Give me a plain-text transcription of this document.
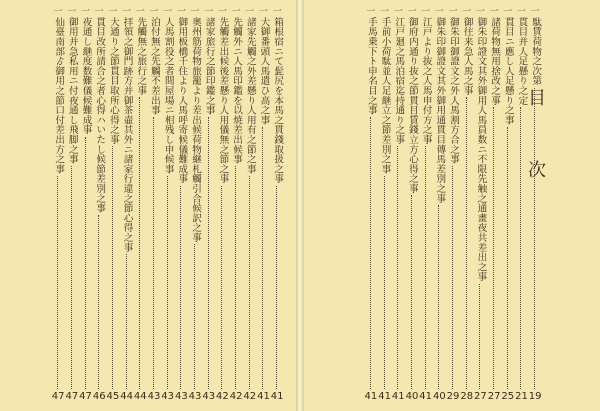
一
箱根宿ニて髭尻を本馬之貫錢取扱之事
41
一
大御番頭人馬遣ひ高之事
41
一
諸家先觸之外差懸り人用有之節之事
42
一
先觸外ニ人馬印鑑を以焼差出候事
42
一
先觸差出候後差懸り人用儀無之節之事
42
一
諸家旅行之節印鑑之事
43
一
奥州筋荷物旅籠より差出候荷物継札觸引合候訳之事
43
一
御用板橋千住より人馬呼寄候儀難成事
43
一
人馬割役之者間屋場ニ相残し申候事
43
一
泊付無之先觸不差出事
43
一
先觸無之旅行之事
44
一
拝領之御門跡方并御茶壷其外ニ諸家行違之節心得之事
44
一
大通り之節貫目取所心得之事
45
一
貫目改所請合之者心得ハいたし候節差別之事
46
一
夜通し継度数難儀候難成事
47
一
御用并急私用ニ付夜通し飛脚之事
47
一
仙臺南部ゟ御用之節口付差出方之事
47
目次
一
駄賃荷物之次第
19
一
貫目并人足懸り之定
21
一
貫目ニ應し人足懸り之事
25
一
諸荷物無用捨改之事
27
一
御朱印證文其外御用人馬員数ニ不限先触之通畫夜共差出之事
27
一
御往来急人馬之事
28
一
御朱印御證文之外人馬割方合之事
29
一
御朱印御證文其外御用通貫目傳馬差別之事
40
一
江戸より抜之人馬申付方之事
41
一
御府内通り抜之節貫目賃錢立方心得之事
40
一
江戸廻之馬泊宿迄持通り之事
41
一
手前小荷駄並人足継立之節差別之事
41
一
手馬乗下ト申名目之事
41
